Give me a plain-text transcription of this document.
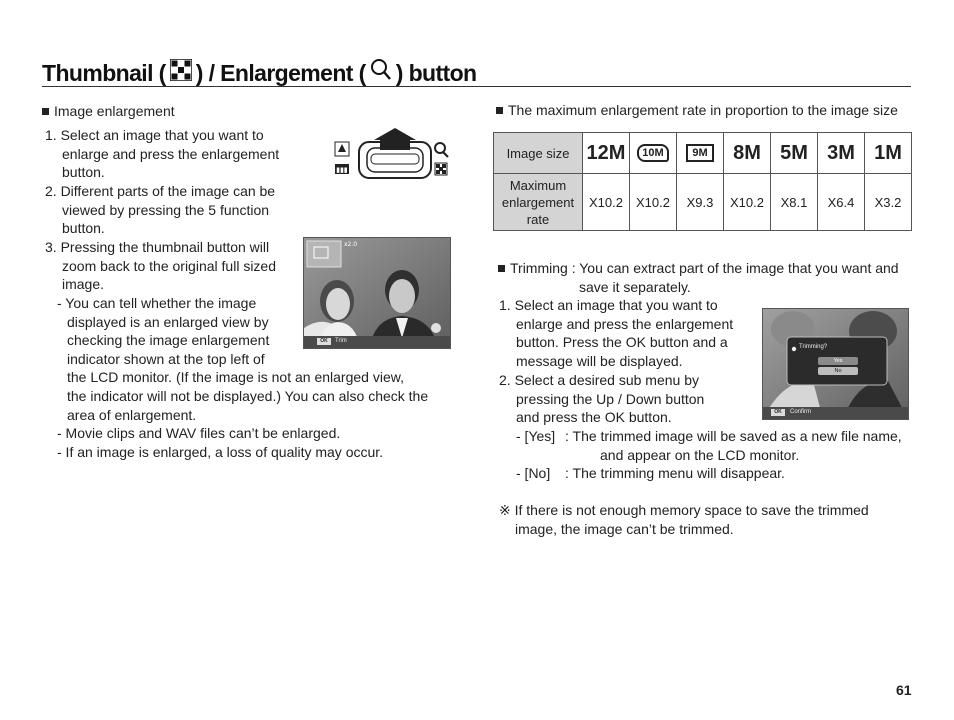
Thumbnail ( ) / Enlargement ( ) button
Image enlargement
1. Select an image that you want to
enlarge and press the enlargement
button.
2. Different parts of the image can be
viewed by pressing the 5 function
button.
3. Pressing the thumbnail button will
zoom back to the original full sized
image.
- You can tell whether the image
displayed is an enlarged view by
checking the image enlargement
indicator shown at the top left of
the LCD monitor. (If the image is not an enlarged view,
the indicator will not be displayed.) You can also check the
area of enlargement.
- Movie clips and WAV files can’t be enlarged.
- If an image is enlarged, a loss of quality may occur.
▮▮▮
x2.0
OK	Trim
The maximum enlargement rate in proportion to the image size
Image size	12M	10M	9M	8M	5M	3M	1M
Maximum enlargement rate	X10.2	X10.2	X9.3	X10.2	X8.1	X6.4	X3.2
Trimming : You can extract part of the image that you want and
save it separately.
1. Select an image that you want to
enlarge and press the enlargement
button. Press the OK button and a
message will be displayed.
2. Select a desired sub menu by
pressing the Up / Down button
and press the OK button.
- [Yes] : The trimmed image will be saved as a new file name,
and appear on the LCD monitor.
- [No] : The trimming menu will disappear.
※ If there is not enough memory space to save the trimmed
image, the image can’t be trimmed.
Trimming?
Yes
No
OK	Confirm
61
